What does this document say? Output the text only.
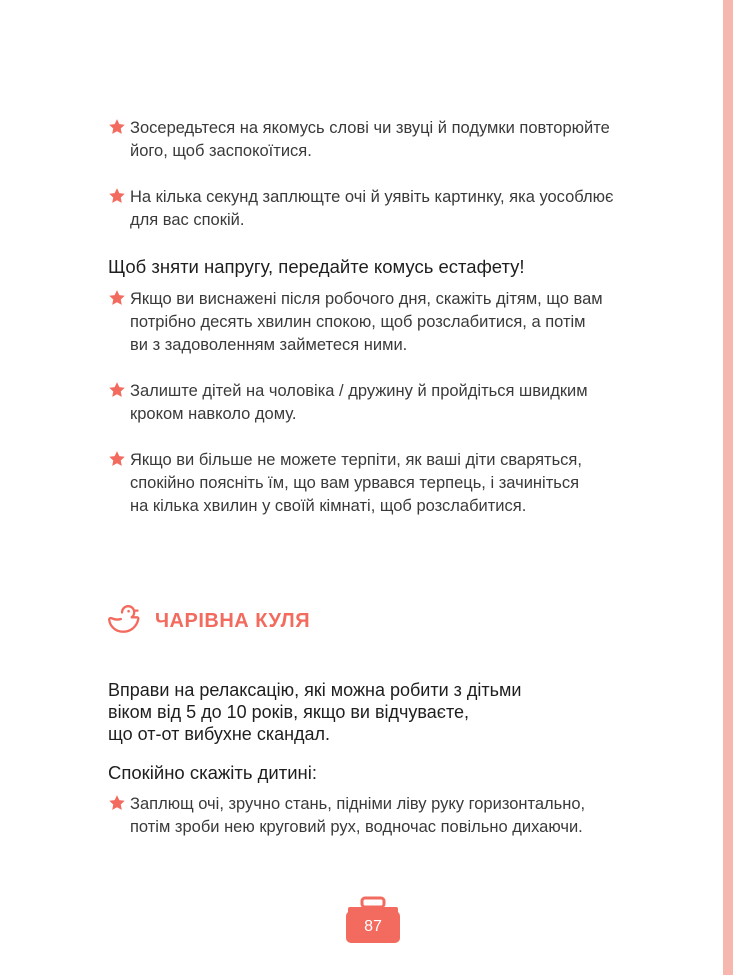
Зосередьтеся на якомусь слові чи звуці й подумки повторюйте
його, щоб заспокоїтися.
На кілька секунд заплющте очі й уявіть картинку, яка уособлює
для вас спокій.
Щоб зняти напругу, передайте комусь естафету!
Якщо ви виснажені після робочого дня, скажіть дітям, що вам
потрібно десять хвилин спокою, щоб розслабитися, а потім
ви з задоволенням займетеся ними.
Залиште дітей на чоловіка / дружину й пройдіться швидким
кроком навколо дому.
Якщо ви більше не можете терпіти, як ваші діти сваряться,
спокійно поясніть їм, що вам урвався терпець, і зачиніться
на кілька хвилин у своїй кімнаті, щоб розслабитися.
ЧАРІВНА КУЛЯ
Вправи на релаксацію, які можна робити з дітьми
віком від 5 до 10 років, якщо ви відчуваєте,
що от-от вибухне скандал.
Спокійно скажіть дитині:
Заплющ очі, зручно стань, підніми ліву руку горизонтально,
потім зроби нею круговий рух, водночас повільно дихаючи.
87
